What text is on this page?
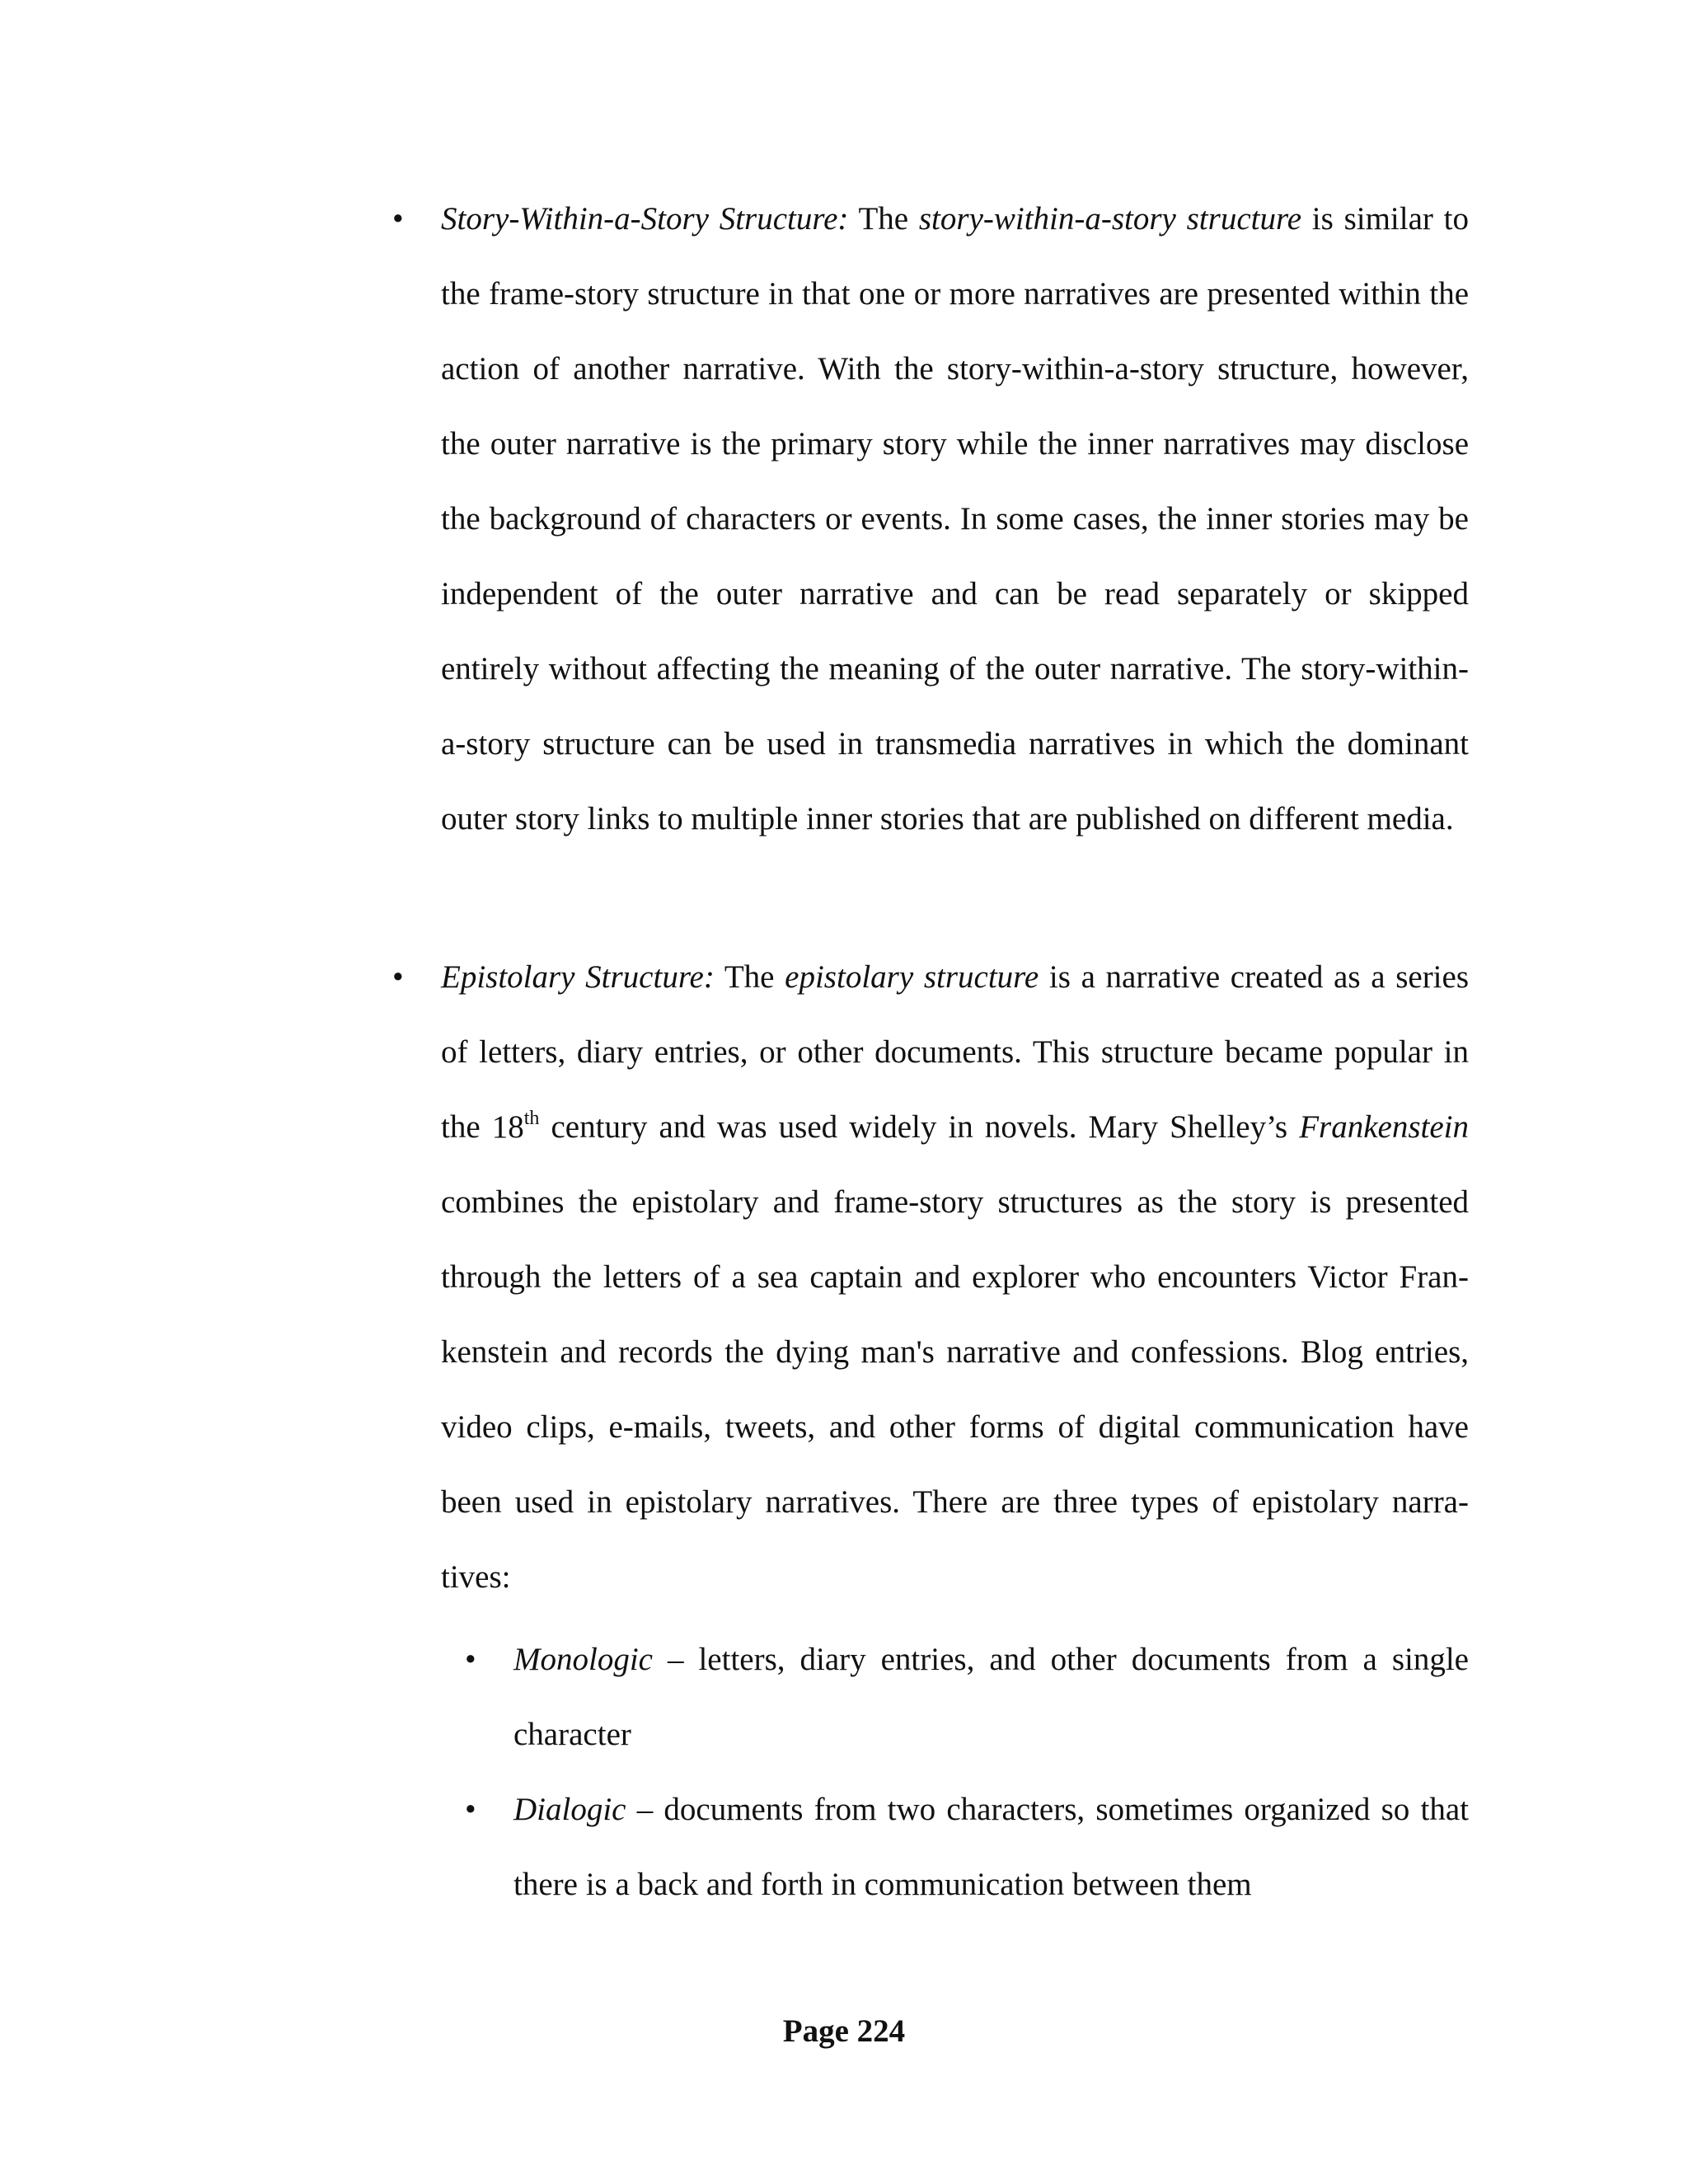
• Story-Within-a-Story Structure: The story-within-a-story structure is similar to the frame-story structure in that one or more narratives are presented within the action of another narrative. With the story-within-a-story structure, however, the outer narrative is the primary story while the inner narratives may disclose the background of characters or events. In some cases, the inner stories may be independent of the outer narrative and can be read separately or skipped entirely without affecting the meaning of the outer narrative. The story-within-a-story structure can be used in transmedia narratives in which the dominant outer story links to multiple inner stories that are published on different media.
• Epistolary Structure: The epistolary structure is a narrative created as a series of letters, diary entries, or other documents. This structure became popular in the 18th century and was used widely in novels. Mary Shelley’s Frankenstein combines the epistolary and frame-story structures as the story is presented through the letters of a sea captain and explorer who encounters Victor Frankenstein and records the dying man's narrative and confessions. Blog entries, video clips, e-mails, tweets, and other forms of digital communication have been used in epistolary narratives. There are three types of epistolary narratives:
• Monologic – letters, diary entries, and other documents from a single character
• Dialogic – documents from two characters, sometimes organized so that there is a back and forth in communication between them
Page 224
